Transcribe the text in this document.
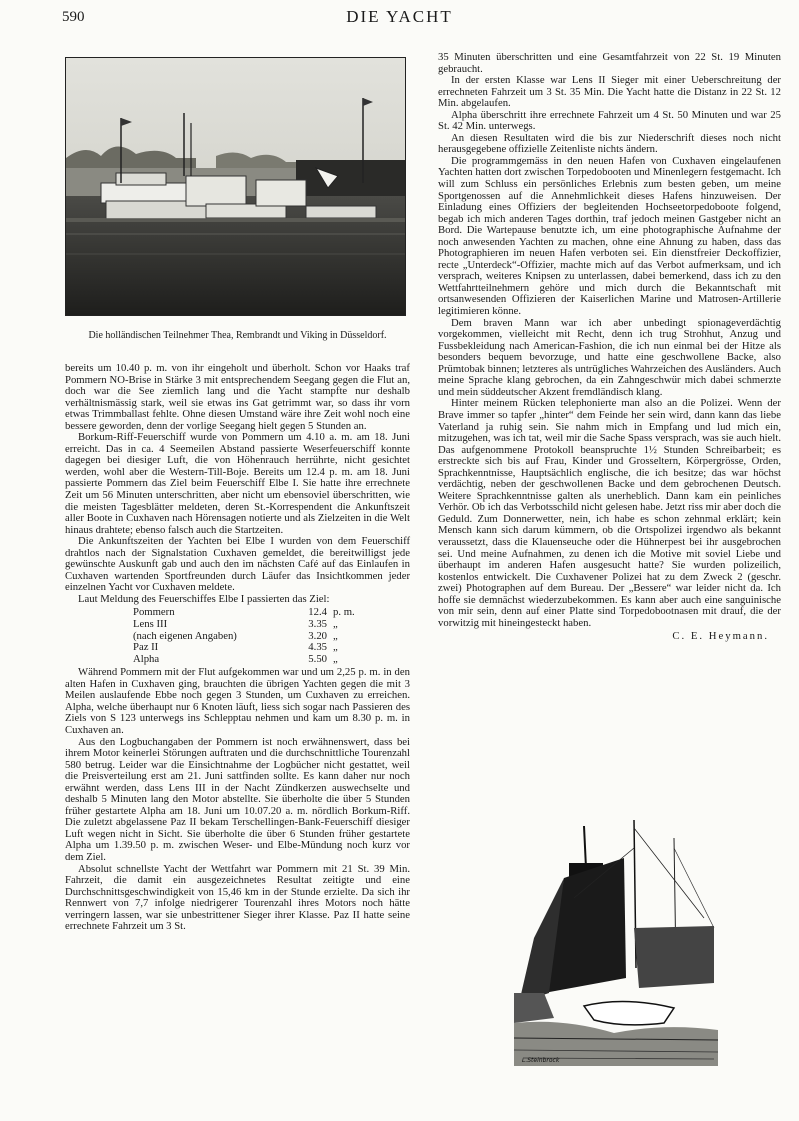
590	DIE YACHT
Die holländischen Teilnehmer Thea, Rembrandt und Viking in Düsseldorf.

bereits um 10.40 p. m. von ihr eingeholt und überholt. Schon vor Haaks traf Pommern NO-Brise in Stärke 3 mit entsprechendem Seegang gegen die Flut an, doch war die See ziemlich lang und die Yacht stampfte nur deshalb verhältnismässig stark, weil sie etwas ins Gat getrimmt war, so dass ihr vorn etwas Trimmballast fehlte. Ohne diesen Umstand wäre ihre Zeit wohl noch eine bessere geworden, denn der vorlige Seegang hielt gegen 5 Stunden an.

Borkum-Riff-Feuerschiff wurde von Pommern um 4.10 a. m. am 18. Juni erreicht. Das in ca. 4 Seemeilen Abstand passierte Weserfeuerschiff konnte dagegen bei diesiger Luft, die von Höhenrauch herrührte, nicht gesichtet werden, wohl aber die Western-Till-Boje. Bereits um 12.4 p. m. am 18. Juni passierte Pommern das Ziel beim Feuerschiff Elbe I. Sie hatte ihre errechnete Zeit um 56 Minuten unterschritten, aber nicht um ebensoviel überschritten, wie die meisten Tagesblätter meldeten, deren St.-Korrespendent die Ankunftszeit aller Boote in Cuxhaven nach Hörensagen notierte und als Zielzeiten in die Welt hinaus drahtete; ebenso falsch auch die Startzeiten.

Die Ankunftszeiten der Yachten bei Elbe I wurden von dem Feuerschiff drahtlos nach der Signalstation Cuxhaven gemeldet, die bereitwilligst jede gewünschte Auskunft gab und auch den im nächsten Café auf das Einlaufen in Cuxhaven wartenden Sportfreunden durch Läufer das Insichtkommen jeder einzelnen Yacht vor Cuxhaven meldete.

Laut Meldung des Feuerschiffes Elbe I passierten das Ziel:

Pommern	12.4 p. m.
Lens III	3.35 „
(nach eigenen Angaben)	3.20 „
Paz II	4.35 „
Alpha	5.50 „

Während Pommern mit der Flut aufgekommen war und um 2,25 p. m. in den alten Hafen in Cuxhaven ging, brauchten die übrigen Yachten gegen die mit 3 Meilen auslaufende Ebbe noch gegen 3 Stunden, um Cuxhaven zu erreichen. Alpha, welche überhaupt nur 6 Knoten läuft, liess sich sogar nach Passieren des Ziels von S 123 unterwegs ins Schlepptau nehmen und kam um 8.30 p. m. in Cuxhaven an.

Aus den Logbuchangaben der Pommern ist noch erwähnenswert, dass bei ihrem Motor keinerlei Störungen auftraten und die durchschnittliche Tourenzahl 580 betrug. Leider war die Einsichtnahme der Logbücher nicht gestattet, weil die Preisverteilung erst am 21. Juni sattfinden sollte. Es kann daher nur noch erwähnt werden, dass Lens III in der Nacht Zündkerzen auswechselte und deshalb 5 Minuten lang den Motor abstellte. Sie überholte die über 5 Stunden früher gestartete Alpha am 18. Juni um 10.07.20 a. m. nördlich Borkum-Riff. Die zuletzt abgelassene Paz II bekam Terschellingen-Bank-Feuerschiff diesiger Luft wegen nicht in Sicht. Sie überholte die über 6 Stunden früher gestartete Alpha um 1.39.50 p. m. zwischen Weser- und Elbe-Mündung noch kurz vor dem Ziel.

Absolut schnellste Yacht der Wettfahrt war Pommern mit 21 St. 39 Min. Fahrzeit, die damit ein ausgezeichnetes Resultat zeitigte und eine Durchschnittsgeschwindigkeit von 15,46 km in der Stunde erzielte. Da sich ihr Rennwert von 7,7 infolge niedrigerer Tourenzahl ihres Motors noch hätte verringern lassen, war sie unbestrittener Sieger ihrer Klasse. Paz II hatte seine errechnete Fahrzeit um 3 St.

35 Minuten überschritten und eine Gesamtfahrzeit von 22 St. 19 Minuten gebraucht.

In der ersten Klasse war Lens II Sieger mit einer Ueberschreitung der errechneten Fahrzeit um 3 St. 35 Min. Die Yacht hatte die Distanz in 22 St. 12 Min. abgelaufen.

Alpha überschritt ihre errechnete Fahrzeit um 4 St. 50 Minuten und war 25 St. 42 Min. unterwegs.

An diesen Resultaten wird die bis zur Niederschrift dieses noch nicht herausgegebene offizielle Zeitenliste nichts ändern.

Die programmgemäss in den neuen Hafen von Cuxhaven eingelaufenen Yachten hatten dort zwischen Torpedobooten und Minenlegern festgemacht. Ich will zum Schluss ein persönliches Erlebnis zum besten geben, um meine Sportgenossen auf die Annehmlichkeit dieses Hafens hinzuweisen. Der Einladung eines Offiziers der begleitenden Hochseetorpedoboote folgend, begab ich mich anderen Tages dorthin, traf jedoch meinen Gastgeber nicht an Bord. Die Wartepause benutzte ich, um eine photographische Aufnahme der noch anwesenden Yachten zu machen, ohne eine Ahnung zu haben, dass das Photographieren im neuen Hafen verboten sei. Ein dienstfreier Deckoffizier, recte „Unterdeck“-Offizier, machte mich auf das Verbot aufmerksam, und ich versprach, weiteres Knipsen zu unterlassen, dabei bemerkend, dass ich zu den Wettfahrtteilnehmern gehöre und mich durch die Bekanntschaft mit ortsanwesenden Offizieren der Kaiserlichen Marine und Matrosen-Artillerie legitimieren könne.

Dem braven Mann war ich aber unbedingt spionageverdächtig vorgekommen, vielleicht mit Recht, denn ich trug Strohhut, Anzug und Fussbekleidung nach American-Fashion, die ich nun einmal bei der Hitze als besonders bequem bevorzuge, und hatte eine geschwollene Backe, also Prümtobak binnen; letzteres als untrügliches Wahrzeichen des Ausländers. Auch meine Sprache klang gebrochen, da ein Zahngeschwür mich dabei schmerzte und mein süddeutscher Akzent fremdländisch klang.

Hinter meinem Rücken telephonierte man also an die Polizei. Wenn der Brave immer so tapfer „hinter“ dem Feinde her sein wird, dann kann das liebe Vaterland ja ruhig sein. Sie nahm mich in Empfang und lud mich ein, mitzugehen, was ich tat, weil mir die Sache Spass versprach, was sie auch hielt. Das aufgenommene Protokoll beanspruchte 1½ Stunden Schreibarbeit; es erstreckte sich bis auf Frau, Kinder und Grosseltern, Körpergrösse, Orden, Sprachkenntnisse, Hauptsächlich englische, die ich besitze; das war höchst verdächtig, neben der geschwollenen Backe und dem gebrochenen Deutsch. Weitere Sprachkenntnisse galten als unerheblich. Dann kam ein peinliches Verhör. Ob ich das Verbotsschild nicht gelesen habe. Jetzt riss mir aber doch die Geduld. Zum Donnerwetter, nein, ich habe es schon zehnmal erklärt; kein Mensch kann sich darum kümmern, ob die Ortspolizei irgendwo als bekannt veraussetzt, dass die Klauenseuche oder die Hühnerpest bei ihr ausgebrochen sei. Und meine Aufnahmen, zu denen ich die Motive mit soviel Liebe und überhaupt im anderen Hafen ausgesucht hatte? Sie wurden polizeilich, kostenlos entwickelt. Die Cuxhavener Polizei hat zu dem Zweck 2 (geschr. zwei) Photographen auf dem Bureau. Der „Bessere“ war leider nicht da. Ich hoffe sie demnächst wiederzubekommen. Es kann aber auch eine sanguinische von mir sein, denn auf einer Platte sind Torpedobootnasen mit drauf, die der vorwitzig mit hineingesteckt haben.

C. E. Heymann.
L.Steinbrock
